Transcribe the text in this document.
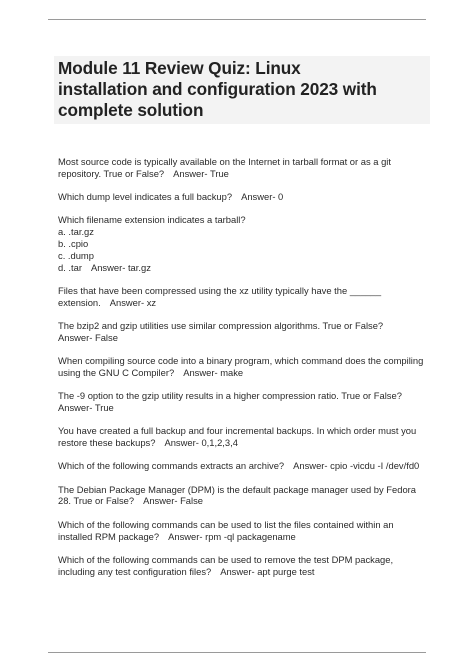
Module 11 Review Quiz: Linux
installation and configuration 2023 with
complete solution
Most source code is typically available on the Internet in tarball format or as a git
repository. True or False? Answer- True
Which dump level indicates a full backup? Answer- 0
Which filename extension indicates a tarball?
a. .tar.gz
b. .cpio
c. .dump
d. .tar Answer- tar.gz
Files that have been compressed using the xz utility typically have the ______
extension. Answer- xz
The bzip2 and gzip utilities use similar compression algorithms. True or False?
Answer- False
When compiling source code into a binary program, which command does the compiling
using the GNU C Compiler? Answer- make
The -9 option to the gzip utility results in a higher compression ratio. True or False?
Answer- True
You have created a full backup and four incremental backups. In which order must you
restore these backups? Answer- 0,1,2,3,4
Which of the following commands extracts an archive? Answer- cpio -vicdu -I /dev/fd0
The Debian Package Manager (DPM) is the default package manager used by Fedora
28. True or False? Answer- False
Which of the following commands can be used to list the files contained within an
installed RPM package? Answer- rpm -ql packagename
Which of the following commands can be used to remove the test DPM package,
including any test configuration files? Answer- apt purge test
